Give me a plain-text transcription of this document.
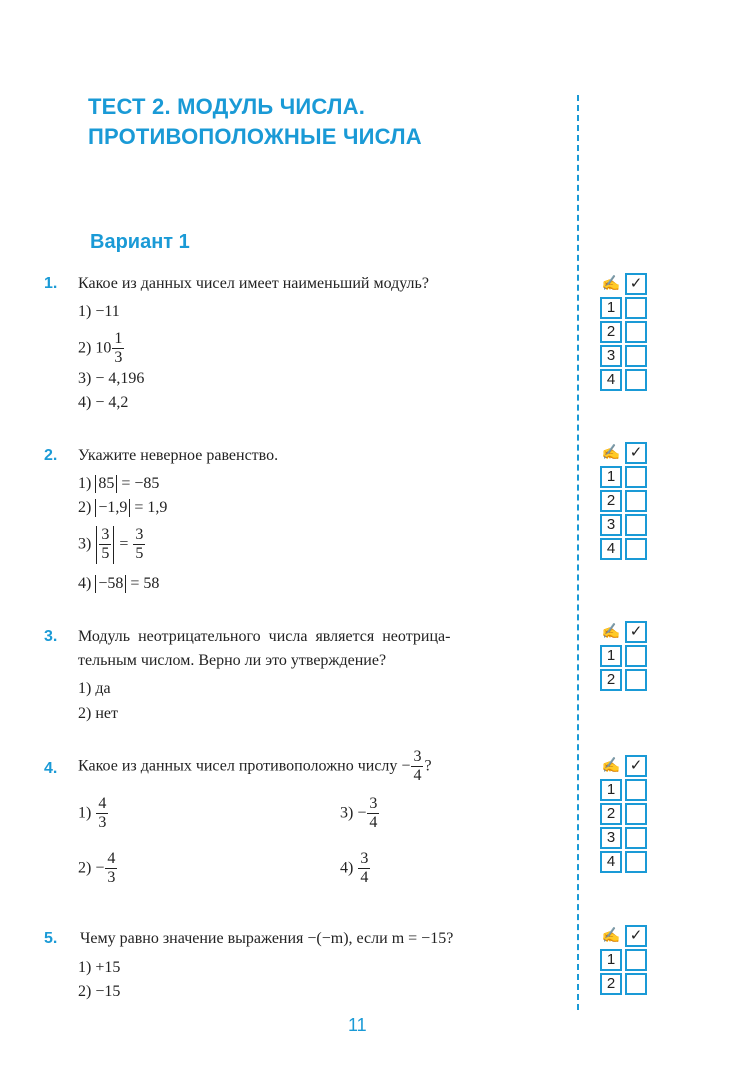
ТЕСТ 2. МОДУЛЬ ЧИСЛА.
ПРОТИВОПОЛОЖНЫЕ ЧИСЛА
Вариант 1
1. Какое из данных чисел имеет наименьший модуль?
1) −11
2) $10 \frac{1}{3}$
3) − 4,196
4) − 4,2
2. Укажите неверное равенство.
1) 85 = −85
2) −1,9 = 1,9
$3) \frac{3}{5} = \frac{3}{5}$
4) −58 = 58
3. Модуль неотрицательного числа является неотрица-
тельным числом. Верно ли это утверждение?
1) да
2) нет
4. Какое из данных чисел противоположно числу − $\frac{3}{4}$ ?
$1) \frac{4}{3}$
$2) - \frac{4}{3}$
$3) - \frac{3}{4}$
$4) \frac{3}{4}$
5. Чему равно значение выражения −(−m), если m = −15?
1) +15
2) −15
✍ ✓
1
2
3
4
✍ ✓
1
2
3
4
✍ ✓
1
2
✍ ✓
1
2
3
4
✍ ✓
1
2
11
